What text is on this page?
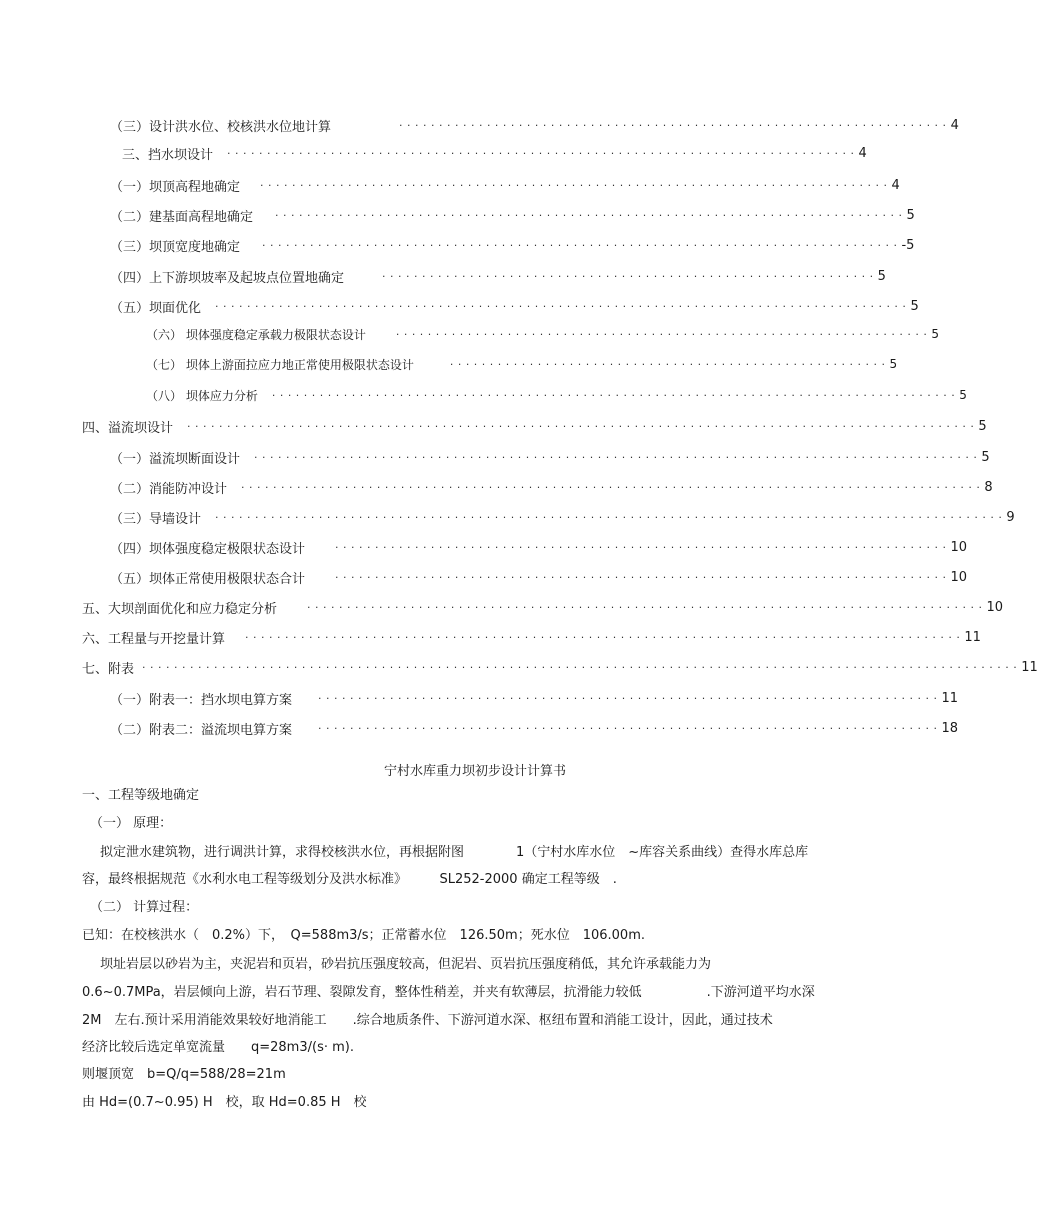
（三）设计洪水位、校核洪水位地计算	· · · · · · · · · · · · · · · · · · · · · · · · · · · · · · · · · · · · · · · · · · · · · · · · · · · · · · · · · · · · · · · · · · · · · 4
三、挡水坝设计 · · · · · · · · · · · · · · · · · · · · · · · · · · · · · · · · · · · · · · · · · · · · · · · · · · · · · · · · · · · · · · · · · · · · · · · · · · · · · · · 4
（一）坝顶高程地确定 · · · · · · · · · · · · · · · · · · · · · · · · · · · · · · · · · · · · · · · · · · · · · · · · · · · · · · · · · · · · · · · · · · · · · · · · · · · · · · · 4
（二）建基面高程地确定 · · · · · · · · · · · · · · · · · · · · · · · · · · · · · · · · · · · · · · · · · · · · · · · · · · · · · · · · · · · · · · · · · · · · · · · · · · · · · · · 5
（三）坝顶宽度地确定 · · · · · · · · · · · · · · · · · · · · · · · · · · · · · · · · · · · · · · · · · · · · · · · · · · · · · · · · · · · · · · · · · · · · · · · · · · · · · · · · -5
（四）上下游坝坡率及起坡点位置地确定	· · · · · · · · · · · · · · · · · · · · · · · · · · · · · · · · · · · · · · · · · · · · · · · · · · · · · · · · · · · · · · 5
（五）坝面优化 · · · · · · · · · · · · · · · · · · · · · · · · · · · · · · · · · · · · · · · · · · · · · · · · · · · · · · · · · · · · · · · · · · · · · · · · · · · · · · · · · · · · · · · 5
（六） 坝体强度稳定承载力极限状态设计	· · · · · · · · · · · · · · · · · · · · · · · · · · · · · · · · · · · · · · · · · · · · · · · · · · · · · · · · · · · · · · · · · · · 5
（七） 坝体上游面拉应力地正常使用极限状态设计	· · · · · · · · · · · · · · · · · · · · · · · · · · · · · · · · · · · · · · · · · · · · · · · · · · · · · · · 5
（八） 坝体应力分析 · · · · · · · · · · · · · · · · · · · · · · · · · · · · · · · · · · · · · · · · · · · · · · · · · · · · · · · · · · · · · · · · · · · · · · · · · · · · · · · · · · · · · · 5
四、溢流坝设计 · · · · · · · · · · · · · · · · · · · · · · · · · · · · · · · · · · · · · · · · · · · · · · · · · · · · · · · · · · · · · · · · · · · · · · · · · · · · · · · · · · · · · · · · · · · · · · · · · · · 5
（一）溢流坝断面设计 · · · · · · · · · · · · · · · · · · · · · · · · · · · · · · · · · · · · · · · · · · · · · · · · · · · · · · · · · · · · · · · · · · · · · · · · · · · · · · · · · · · · · · · · · · · 5
（二）消能防冲设计 · · · · · · · · · · · · · · · · · · · · · · · · · · · · · · · · · · · · · · · · · · · · · · · · · · · · · · · · · · · · · · · · · · · · · · · · · · · · · · · · · · · · · · · · · · · · · 8
（三）导墙设计 · · · · · · · · · · · · · · · · · · · · · · · · · · · · · · · · · · · · · · · · · · · · · · · · · · · · · · · · · · · · · · · · · · · · · · · · · · · · · · · · · · · · · · · · · · · · · · · · · · · 9
（四）坝体强度稳定极限状态设计	· · · · · · · · · · · · · · · · · · · · · · · · · · · · · · · · · · · · · · · · · · · · · · · · · · · · · · · · · · · · · · · · · · · · · · · · · · · · · 10
（五）坝体正常使用极限状态合计	· · · · · · · · · · · · · · · · · · · · · · · · · · · · · · · · · · · · · · · · · · · · · · · · · · · · · · · · · · · · · · · · · · · · · · · · · · · · · 10
五、大坝剖面优化和应力稳定分析	· · · · · · · · · · · · · · · · · · · · · · · · · · · · · · · · · · · · · · · · · · · · · · · · · · · · · · · · · · · · · · · · · · · · · · · · · · · · · · · · · · · · · 10
六、工程量与开挖量计算 · · · · · · · · · · · · · · · · · · · · · · · · · · · · · · · · · · · · · · · · · · · · · · · · · · · · · · · · · · · · · · · · · · · · · · · · · · · · · · · · · · · · · · · · · · 11
七、附表 · · · · · · · · · · · · · · · · · · · · · · · · · · · · · · · · · · · · · · · · · · · · · · · · · · · · · · · · · · · · · · · · · · · · · · · · · · · · · · · · · · · · · · · · · · · · · · · · · · · · · · · · · · · · · · 11
（一）附表一：挡水坝电算方案 · · · · · · · · · · · · · · · · · · · · · · · · · · · · · · · · · · · · · · · · · · · · · · · · · · · · · · · · · · · · · · · · · · · · · · · · · · · · · · 11
（二）附表二：溢流坝电算方案 · · · · · · · · · · · · · · · · · · · · · · · · · · · · · · · · · · · · · · · · · · · · · · · · · · · · · · · · · · · · · · · · · · · · · · · · · · · · · · 18
宁村水库重力坝初步设计计算书
一、工程等级地确定
（一） 原理：
拟定泄水建筑物，进行调洪计算，求得校核洪水位，再根据附图　　　　1（宁村水库水位　~库容关系曲线）查得水库总库
容，最终根据规范《水利水电工程等级划分及洪水标准》　　　SL252-2000 确定工程等级　.
（二） 计算过程：
已知：在校核洪水（　0.2%）下，　Q=588m3/s；正常蓄水位　126.50m；死水位　106.00m.
坝址岩层以砂岩为主，夹泥岩和页岩，砂岩抗压强度较高，但泥岩、页岩抗压强度稍低，其允许承载能力为
0.6~0.7MPa，岩层倾向上游，岩石节理、裂隙发育，整体性稍差，并夹有软薄层，抗滑能力较低　　　　　.下游河道平均水深
2M　左右.预计采用消能效果较好地消能工　　.综合地质条件、下游河道水深、枢纽布置和消能工设计，因此，通过技术
经济比较后选定单宽流量　　q=28m3/(s· m).
则堰顶宽　b=Q/q=588/28=21m
由 Hd=(0.7~0.95) H　校，取 Hd=0.85 H　校
